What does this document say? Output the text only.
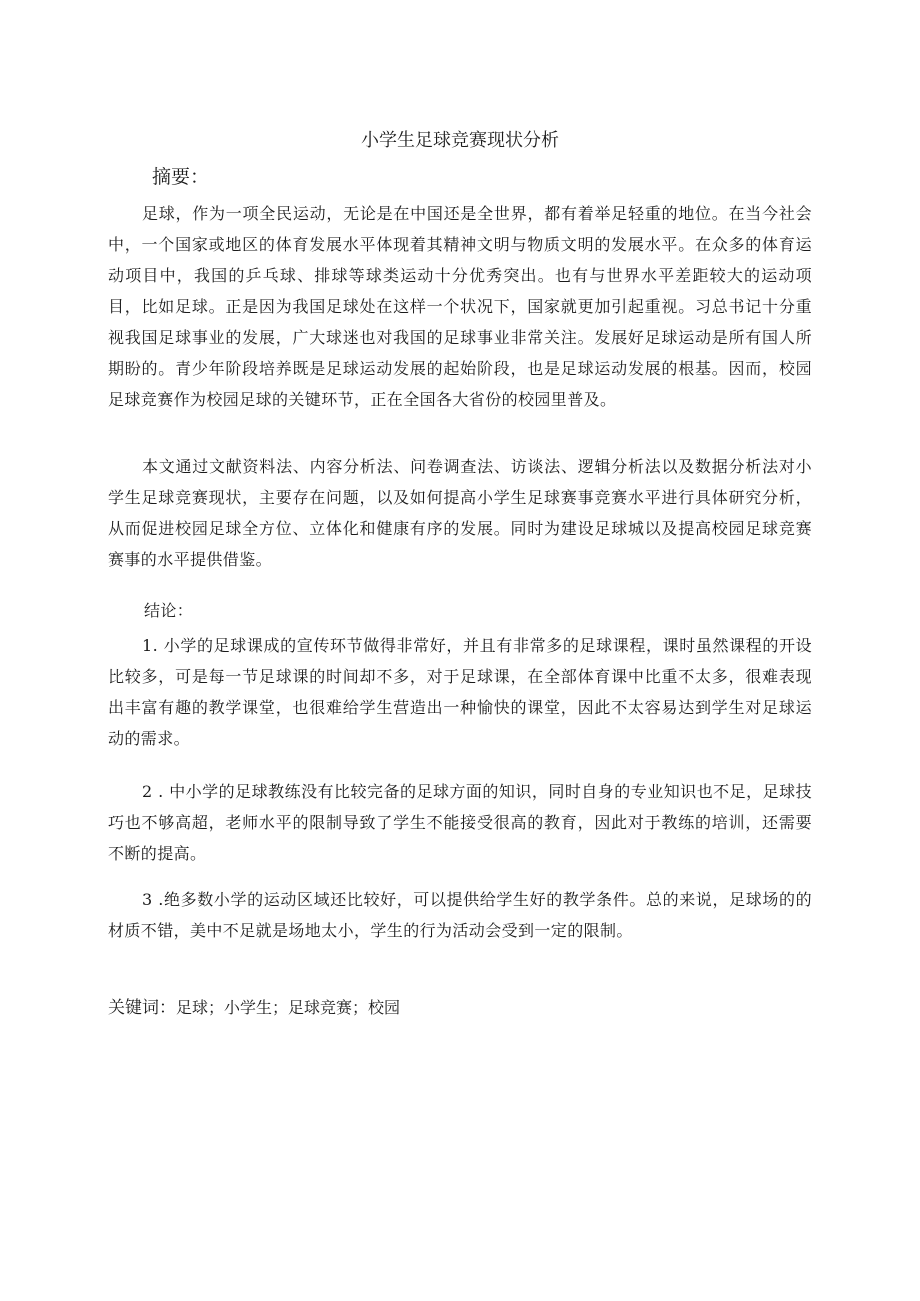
小学生足球竞赛现状分析
摘要：

足球，作为一项全民运动，无论是在中国还是全世界，都有着举足轻重的地位。在当今社会中，一个国家或地区的体育发展水平体现着其精神文明与物质文明的发展水平。在众多的体育运动项目中，我国的乒乓球、排球等球类运动十分优秀突出。也有与世界水平差距较大的运动项目，比如足球。正是因为我国足球处在这样一个状况下，国家就更加引起重视。习总书记十分重视我国足球事业的发展，广大球迷也对我国的足球事业非常关注。发展好足球运动是所有国人所期盼的。青少年阶段培养既是足球运动发展的起始阶段，也是足球运动发展的根基。因而，校园足球竞赛作为校园足球的关键环节，正在全国各大省份的校园里普及。

本文通过文献资料法、内容分析法、问卷调查法、访谈法、逻辑分析法以及数据分析法对小学生足球竞赛现状，主要存在问题，以及如何提高小学生足球赛事竞赛水平进行具体研究分析，从而促进校园足球全方位、立体化和健康有序的发展。同时为建设足球城以及提高校园足球竞赛赛事的水平提供借鉴。

结论：

1. 小学的足球课成的宣传环节做得非常好，并且有非常多的足球课程，课时虽然课程的开设比较多，可是每一节足球课的时间却不多，对于足球课，在全部体育课中比重不太多，很难表现出丰富有趣的教学课堂，也很难给学生营造出一种愉快的课堂，因此不太容易达到学生对足球运动的需求。

2 . 中小学的足球教练没有比较完备的足球方面的知识，同时自身的专业知识也不足，足球技巧也不够高超，老师水平的限制导致了学生不能接受很高的教育，因此对于教练的培训，还需要不断的提高。

3 .绝多数小学的运动区域还比较好，可以提供给学生好的教学条件。总的来说，足球场的的材质不错，美中不足就是场地太小，学生的行为活动会受到一定的限制。

关键词：足球；小学生；足球竞赛；校园
